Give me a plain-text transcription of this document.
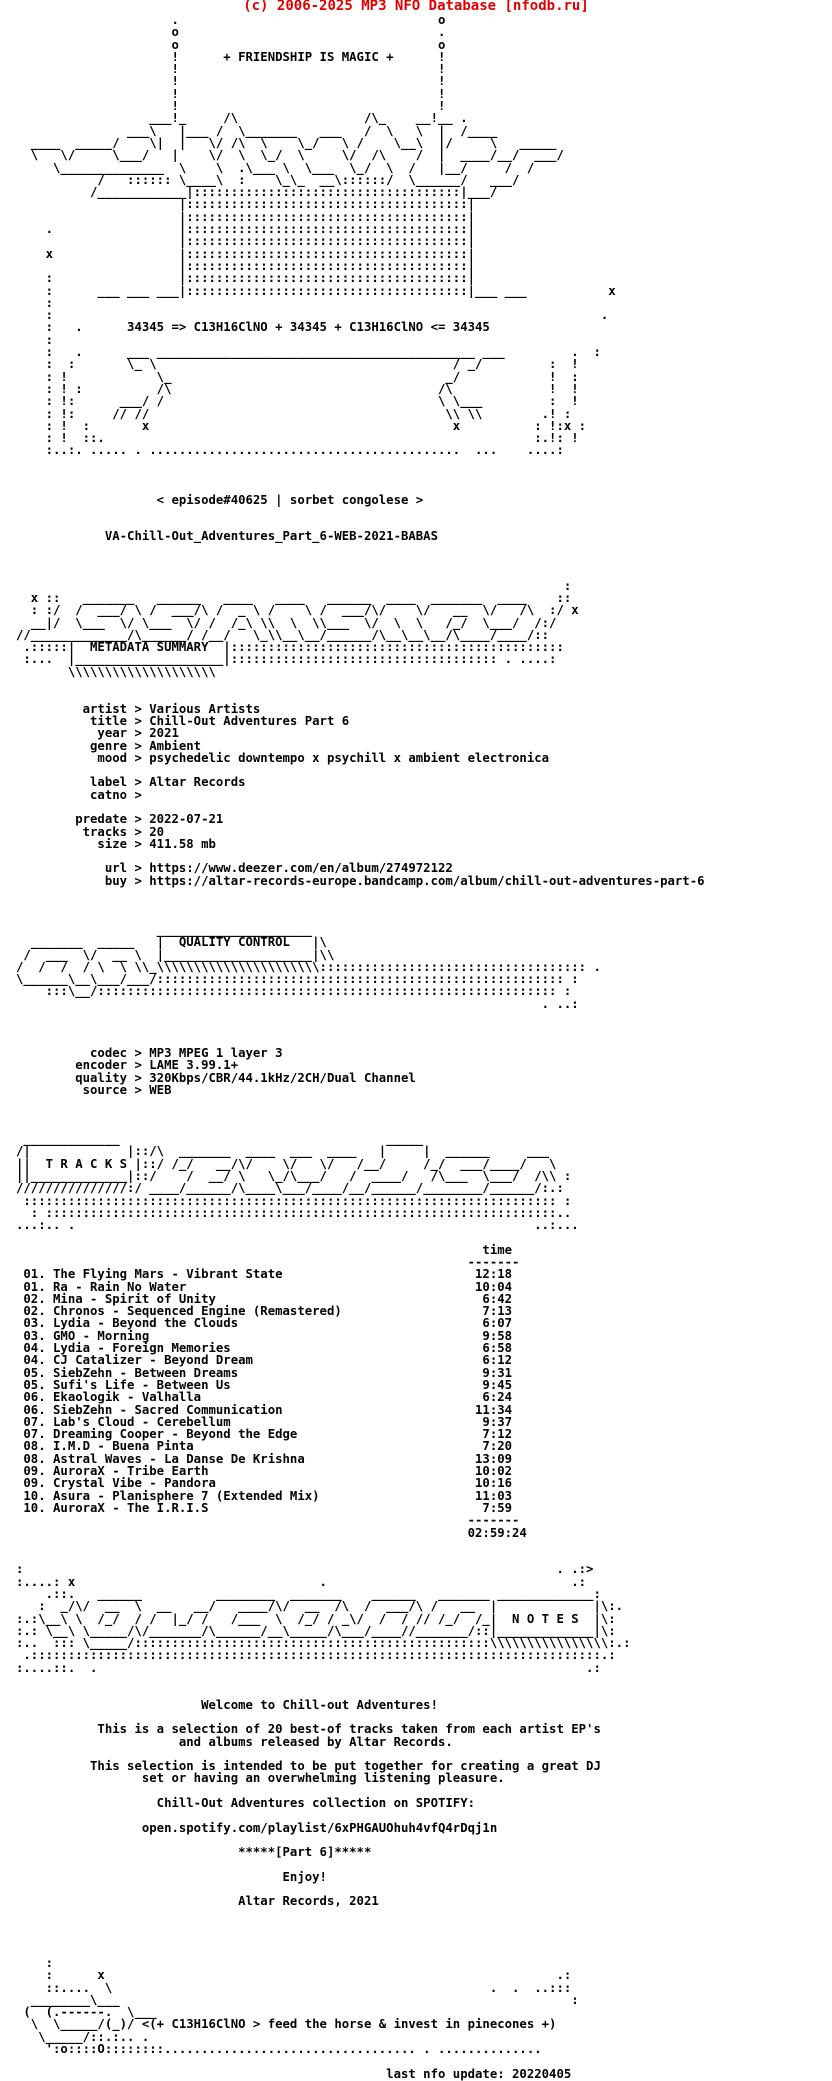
(c) 2006-2025 MP3 NFO Database [nfodb.ru]
.                                   o
o                                   .
o                                   o
!      + FRIENDSHIP IS MAGIC +      !
!                                   !
!                                   !
!                                   !
!                                   !
___!_     /\                 /\_    __!__ .
___\   |___ /  \_______   ___   /  \   \  |  /____
____  _____/    \|  |   \/ /\  \    \_/   \ /    \__\  |/     \   _____
\   \/     \___/   |    \/  \  \_/  \     \/  /\    /  |  ____/__/  ___/
\______________  \    \  .\___ \  \___  \_/  \  /   |__/     /  /
/   :::::: \____\  :    \_\_  __\::::::/  \______/   ___/
/____________|::::::::::::::::::::::::::::::::::::|___/
|::::::::::::::::::::::::::::::::::::::|
|::::::::::::::::::::::::::::::::::::::|
.                 |::::::::::::::::::::::::::::::::::::::|
|::::::::::::::::::::::::::::::::::::::|
x                 |::::::::::::::::::::::::::::::::::::::|
|::::::::::::::::::::::::::::::::::::::|
:                 |::::::::::::::::::::::::::::::::::::::|
:      ___ ___ ___|::::::::::::::::::::::::::::::::::::::|___ ___           x
:
:                                                                          .
:   .      34345 => C13H16ClNO + 34345 + C13H16ClNO <= 34345
:
:   .      ___ ___________________________________________ ___         .  :
:  :       \_ \                                        / _/         :  !
: !            \_                                     _/            !  :
: ! :          /\                                    /\             !  !
: !:      ___/ /                                     \ \___         :  !
: !:     // //                                        \\ \\        .! :
: !  :       x                                         x          : !:x :
: !  ::.                                                          :.!: !
:..:. ..... . ..........................................  ...    ....:

< episode#40625 | sorbet congolese >

VA-Chill-Out_Adventures_Part_6-WEB-2021-BABAS

:
x ::   _______   ______   ____   ____   ______  ____  _______  ____    ::
: :/  /  ___/ \ /  ___/\ /  _ \ /    \ /  ___/\/    \/   __  \/   /\  :/ x
__|/  \___  \/ \___  \/ /  /_\ \\  \  \\___  \/  \  \   /_/  \___/  /:/
//_____________/\______/ /__/   \_\\__\__/______/\__\__\__/\____/____/::
.:::::|  METADATA SUMMARY  |:::::::::::::::::::::::::::::::::::::::::::::
:...  |____________________|:::::::::::::::::::::::::::::::::::: . ....:
\\\\\\\\\\\\\\\\\\\\

artist > Various Artists
title > Chill-Out Adventures Part 6
year > 2021
genre > Ambient
mood > psychedelic downtempo x psychill x ambient electronica

label > Altar Records
catno >

predate > 2022-07-21
tracks > 20
size > 411.58 mb

url > https://www.deezer.com/en/album/274972122
buy > https://altar-records-europe.bandcamp.com/album/chill-out-adventures-part-6

_____________________
_______  _____   |  QUALITY CONTROL   |\
/  ___  \/  __ \  |____________________|\\
/  /  /  / \  \ \\_\\\\\\\\\\\\\\\\\\\\\\:::::::::::::::::::::::::::::::::::: .
\______\__\___/___/::::::::::::::::::::::::::::::::::::::::::::::::::::::: :
:::\__/:::::::::::::::::::::::::::::::::::::::::::::::::::::::::::::: :
. ..:

codec > MP3 MPEG 1 layer 3
encoder > LAME 3.99.1+
quality > 320Kbps/CBR/44.1kHz/2CH/Dual Channel
source > WEB

_____________                                    _____
/|             |::/\  _______  ____  ___  ____   |     |  ______     ___
||  T R A C K S |::/ /_/   __/\/    \/   \/   /__/     /_/  ___/____/   \
||_____________|::/    /  __/ \   \_/\___/   /  ____/   /\___  \___/  /\\ :
///////////////:/ ____/______/\____\___/____/__/______/________/______/:.:
:::::::::::::::::::::::::::::::::::::::::::::::::::::::::::::::::::::::: :
: :::::::::::::::::::::::::::::::::::::::::::::::::::::::::::::::::::::..
...:.. .                                                              ..:...

time
-------
01. The Flying Mars - Vibrant State                          12:18
01. Ra - Rain No Water                                       10:04
02. Mina - Spirit of Unity                                    6:42
02. Chronos - Sequenced Engine (Remastered)                   7:13
03. Lydia - Beyond the Clouds                                 6:07
03. GMO - Morning                                             9:58
04. Lydia - Foreign Memories                                  6:58
04. CJ Catalizer - Beyond Dream                               6:12
05. SiebZehn - Between Dreams                                 9:31
05. Sufi's Life - Between Us                                  9:45
06. Ekaologik - Valhalla                                      6:24
06. SiebZehn - Sacred Communication                          11:34
07. Lab's Cloud - Cerebellum                                  9:37
07. Dreaming Cooper - Beyond the Edge                         7:12
08. I.M.D - Buena Pinta                                       7:20
08. Astral Waves - La Danse De Krishna                       13:09
09. AuroraX - Tribe Earth                                    10:02
09. Crystal Vibe - Pandora                                   10:16
10. Asura - Planisphere 7 (Extended Mix)                     11:03
10. AuroraX - The I.R.I.S                                     7:59
-------
02:59:24

:                                                                        . .:>
:....: x                                 .                                 .:
.::.   ______          ________  _______    ______   _______ _____________:
:  _/\/  __  \  __   __/   ____/\/  __  /\  /  ___/\ /   __  |             |\:.
:.:\__\ \  /_/  / /  |_/ /   /___  \  /_/ / _\/  /  / // /_/  /_|  N O T E S  |\:
:.: \__\ \_____/\/_______/\______/__\_____/\___/____//_______/::|_____________|\:
:..  ::: \_____/::::::::::::::::::::::::::::::::::::::::::::::::\\\\\\\\\\\\\\\\:.:
.:::::::::::::::::::::::::::::::::::::::::::::::::::::::::::::::::::::::::::::.:
:....::.  .                                                                  .:

Welcome to Chill-out Adventures!

This is a selection of 20 best-of tracks taken from each artist EP's
and albums released by Altar Records.

This selection is intended to be put together for creating a great DJ
set or having an overwhelming listening pleasure.

Chill-Out Adventures collection on SPOTIFY:

open.spotify.com/playlist/6xPHGAUOhuh4vfQ4rDqj1n

*****[Part 6]*****

Enjoy!

Altar Records, 2021

:
:      x                                                             .:
::....  \                                                   .  .  ..:::
________\___                                                             :
(  (.------.  \___
\  \_____/(_)/ <(+ C13H16ClNO > feed the horse & invest in pinecones +)
\_____/::.:.. .
':o::::O::::::::.................................. . ..............

last nfo update: 20220405
